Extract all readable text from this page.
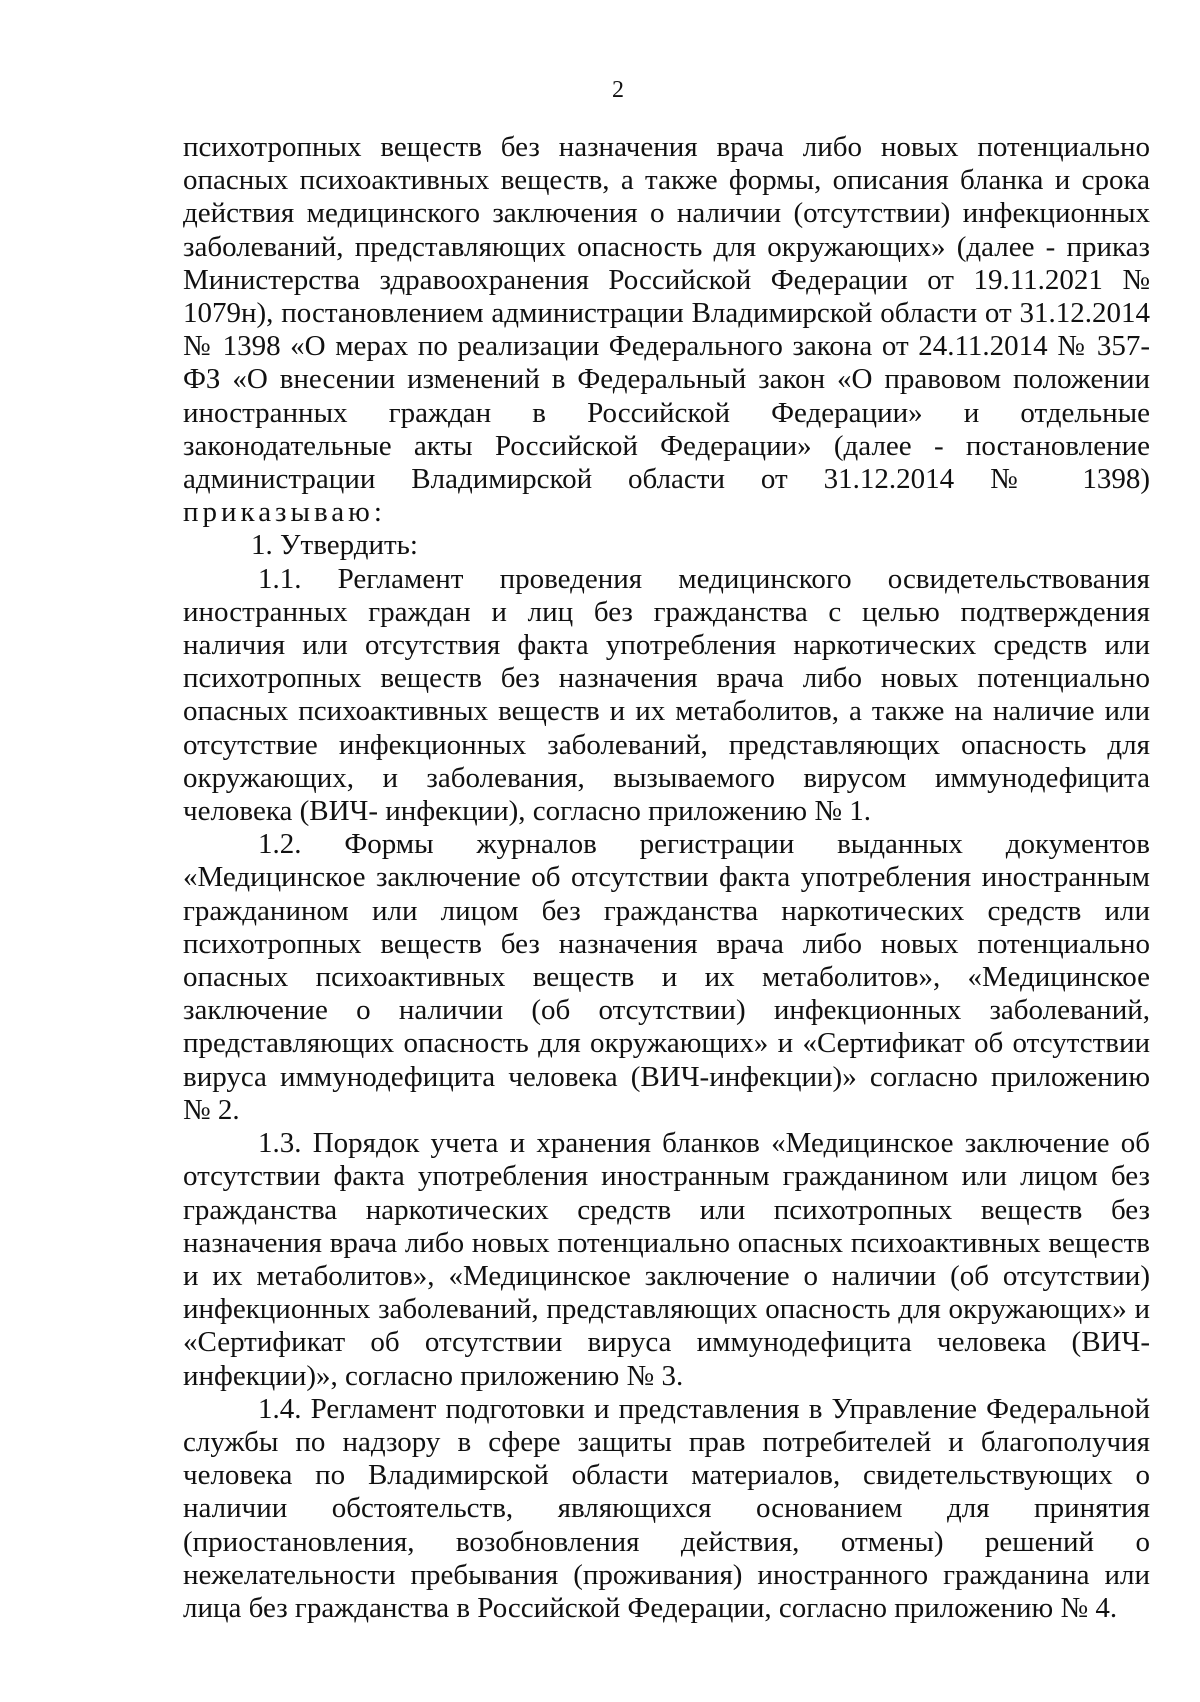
2

психотропных веществ без назначения врача либо новых потенциально опасных психоактивных веществ, а также формы, описания бланка и срока действия медицинского заключения о наличии (отсутствии) инфекционных заболеваний, представляющих опасность для окружающих» (далее - приказ Министерства здравоохранения Российской Федерации от 19.11.2021 № 1079н), постановлением администрации Владимирской области от 31.12.2014 № 1398 «О мерах по реализации Федерального закона от 24.11.2014 № 357-ФЗ «О внесении изменений в Федеральный закон «О правовом положении иностранных граждан в Российской Федерации» и отдельные законодательные акты Российской Федерации» (далее - постановление администрации Владимирской области от 31.12.2014 № 1398) приказываю:

1. Утвердить:

1.1. Регламент проведения медицинского освидетельствования иностранных граждан и лиц без гражданства с целью подтверждения наличия или отсутствия факта употребления наркотических средств или психотропных веществ без назначения врача либо новых потенциально опасных психоактивных веществ и их метаболитов, а также на наличие или отсутствие инфекционных заболеваний, представляющих опасность для окружающих, и заболевания, вызываемого вирусом иммунодефицита человека (ВИЧ- инфекции), согласно приложению № 1.

1.2. Формы журналов регистрации выданных документов «Медицинское заключение об отсутствии факта употребления иностранным гражданином или лицом без гражданства наркотических средств или психотропных веществ без назначения врача либо новых потенциально опасных психоактивных веществ и их метаболитов», «Медицинское заключение о наличии (об отсутствии) инфекционных заболеваний, представляющих опасность для окружающих» и «Сертификат об отсутствии вируса иммунодефицита человека (ВИЧ-инфекции)» согласно приложению № 2.

1.3. Порядок учета и хранения бланков «Медицинское заключение об отсутствии факта употребления иностранным гражданином или лицом без гражданства наркотических средств или психотропных веществ без назначения врача либо новых потенциально опасных психоактивных веществ и их метаболитов», «Медицинское заключение о наличии (об отсутствии) инфекционных заболеваний, представляющих опасность для окружающих» и «Сертификат об отсутствии вируса иммунодефицита человека (ВИЧ- инфекции)», согласно приложению № 3.

1.4. Регламент подготовки и представления в Управление Федеральной службы по надзору в сфере защиты прав потребителей и благополучия человека по Владимирской области материалов, свидетельствующих о наличии обстоятельств, являющихся основанием для принятия (приостановления, возобновления действия, отмены) решений о нежелательности пребывания (проживания) иностранного гражданина или лица без гражданства в Российской Федерации, согласно приложению № 4.
